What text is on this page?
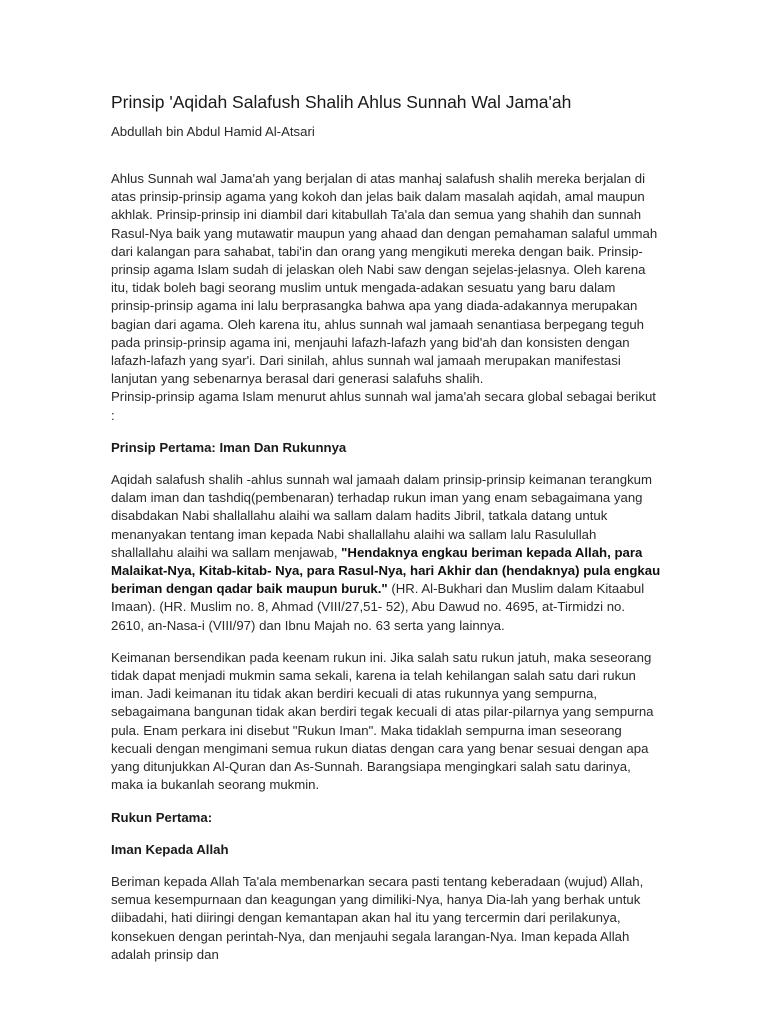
Prinsip 'Aqidah Salafush Shalih Ahlus Sunnah Wal Jama'ah

Abdullah bin Abdul Hamid Al-Atsari

Ahlus Sunnah wal Jama'ah yang berjalan di atas manhaj salafush shalih mereka berjalan di atas prinsip-prinsip agama yang kokoh dan jelas baik dalam masalah aqidah, amal maupun akhlak. Prinsip-prinsip ini diambil dari kitabullah Ta'ala dan semua yang shahih dan sunnah Rasul-Nya baik yang mutawatir maupun yang ahaad dan dengan pemahaman salaful ummah dari kalangan para sahabat, tabi'in dan orang yang mengikuti mereka dengan baik. Prinsip-prinsip agama Islam sudah di jelaskan oleh Nabi saw dengan sejelas-jelasnya. Oleh karena itu, tidak boleh bagi seorang muslim untuk mengada-adakan sesuatu yang baru dalam prinsip-prinsip agama ini lalu berprasangka bahwa apa yang diada-adakannya merupakan bagian dari agama. Oleh karena itu, ahlus sunnah wal jamaah senantiasa berpegang teguh pada prinsip-prinsip agama ini, menjauhi lafazh-lafazh yang bid'ah dan konsisten dengan lafazh-lafazh yang syar'i. Dari sinilah, ahlus sunnah wal jamaah merupakan manifestasi lanjutan yang sebenarnya berasal dari generasi salafuhs shalih.

Prinsip-prinsip agama Islam menurut ahlus sunnah wal jama'ah secara global sebagai berikut :

Prinsip Pertama: Iman Dan Rukunnya

Aqidah salafush shalih -ahlus sunnah wal jamaah dalam prinsip-prinsip keimanan terangkum dalam iman dan tashdiq(pembenaran) terhadap rukun iman yang enam sebagaimana yang disabdakan Nabi shallallahu alaihi wa sallam dalam hadits Jibril, tatkala datang untuk menanyakan tentang iman kepada Nabi shallallahu alaihi wa sallam lalu Rasulullah shallallahu alaihi wa sallam menjawab, "Hendaknya engkau beriman kepada Allah, para Malaikat-Nya, Kitab-kitab- Nya, para Rasul-Nya, hari Akhir dan (hendaknya) pula engkau beriman dengan qadar baik maupun buruk." (HR. Al-Bukhari dan Muslim dalam Kitaabul Imaan). (HR. Muslim no. 8, Ahmad (VIII/27,51- 52), Abu Dawud no. 4695, at-Tirmidzi no. 2610, an-Nasa-i (VIII/97) dan Ibnu Majah no. 63 serta yang lainnya.

Keimanan bersendikan pada keenam rukun ini. Jika salah satu rukun jatuh, maka seseorang tidak dapat menjadi mukmin sama sekali, karena ia telah kehilangan salah satu dari rukun iman. Jadi keimanan itu tidak akan berdiri kecuali di atas rukunnya yang sempurna, sebagaimana bangunan tidak akan berdiri tegak kecuali di atas pilar-pilarnya yang sempurna pula. Enam perkara ini disebut "Rukun Iman". Maka tidaklah sempurna iman seseorang kecuali dengan mengimani semua rukun diatas dengan cara yang benar sesuai dengan apa yang ditunjukkan Al-Quran dan As-Sunnah. Barangsiapa mengingkari salah satu darinya, maka ia bukanlah seorang mukmin.

Rukun Pertama:

Iman Kepada Allah

Beriman kepada Allah Ta'ala membenarkan secara pasti tentang keberadaan (wujud) Allah, semua kesempurnaan dan keagungan yang dimiliki-Nya, hanya Dia-lah yang berhak untuk diibadahi, hati diiringi dengan kemantapan akan hal itu yang tercermin dari perilakunya, konsekuen dengan perintah-Nya, dan menjauhi segala larangan-Nya. Iman kepada Allah adalah prinsip dan
